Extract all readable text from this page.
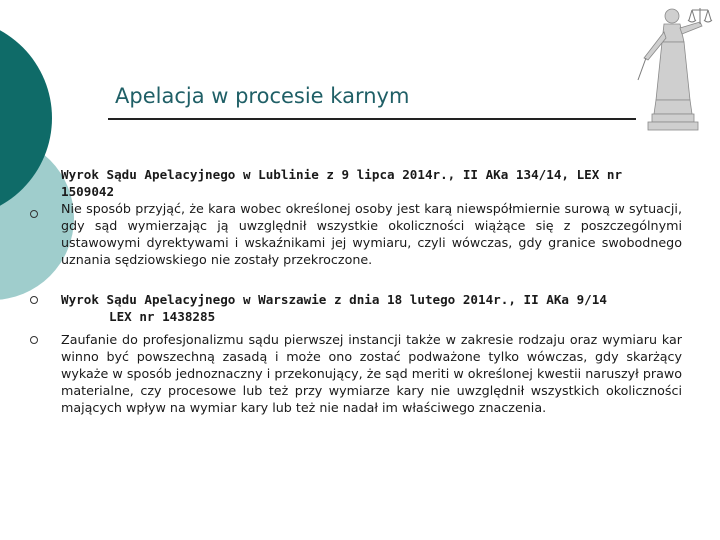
Apelacja w procesie karnym
Wyrok Sądu Apelacyjnego w Lublinie z 9 lipca 2014r., II AKa 134/14, LEX nr
1509042
Nie sposób przyjąć, że kara wobec określonej osoby jest karą niewspółmiernie surową w sytuacji, gdy sąd wymierzając ją uwzględnił wszystkie okoliczności wiążące się z poszczególnymi ustawowymi dyrektywami i wskaźnikami jej wymiaru, czyli wówczas, gdy granice swobodnego uznania sędziowskiego nie zostały przekroczone.
Wyrok Sądu Apelacyjnego w Warszawie z dnia 18 lutego 2014r., II AKa 9/14
LEX nr 1438285
Zaufanie do profesjonalizmu sądu pierwszej instancji także w zakresie rodzaju oraz wymiaru kar winno być powszechną zasadą i może ono zostać podważone tylko wówczas, gdy skarżący wykaże w sposób jednoznaczny i przekonujący, że sąd meriti w określonej kwestii naruszył prawo materialne, czy procesowe lub też przy wymiarze kary nie uwzględnił wszystkich okoliczności mających wpływ na wymiar kary lub też nie nadał im właściwego znaczenia.
